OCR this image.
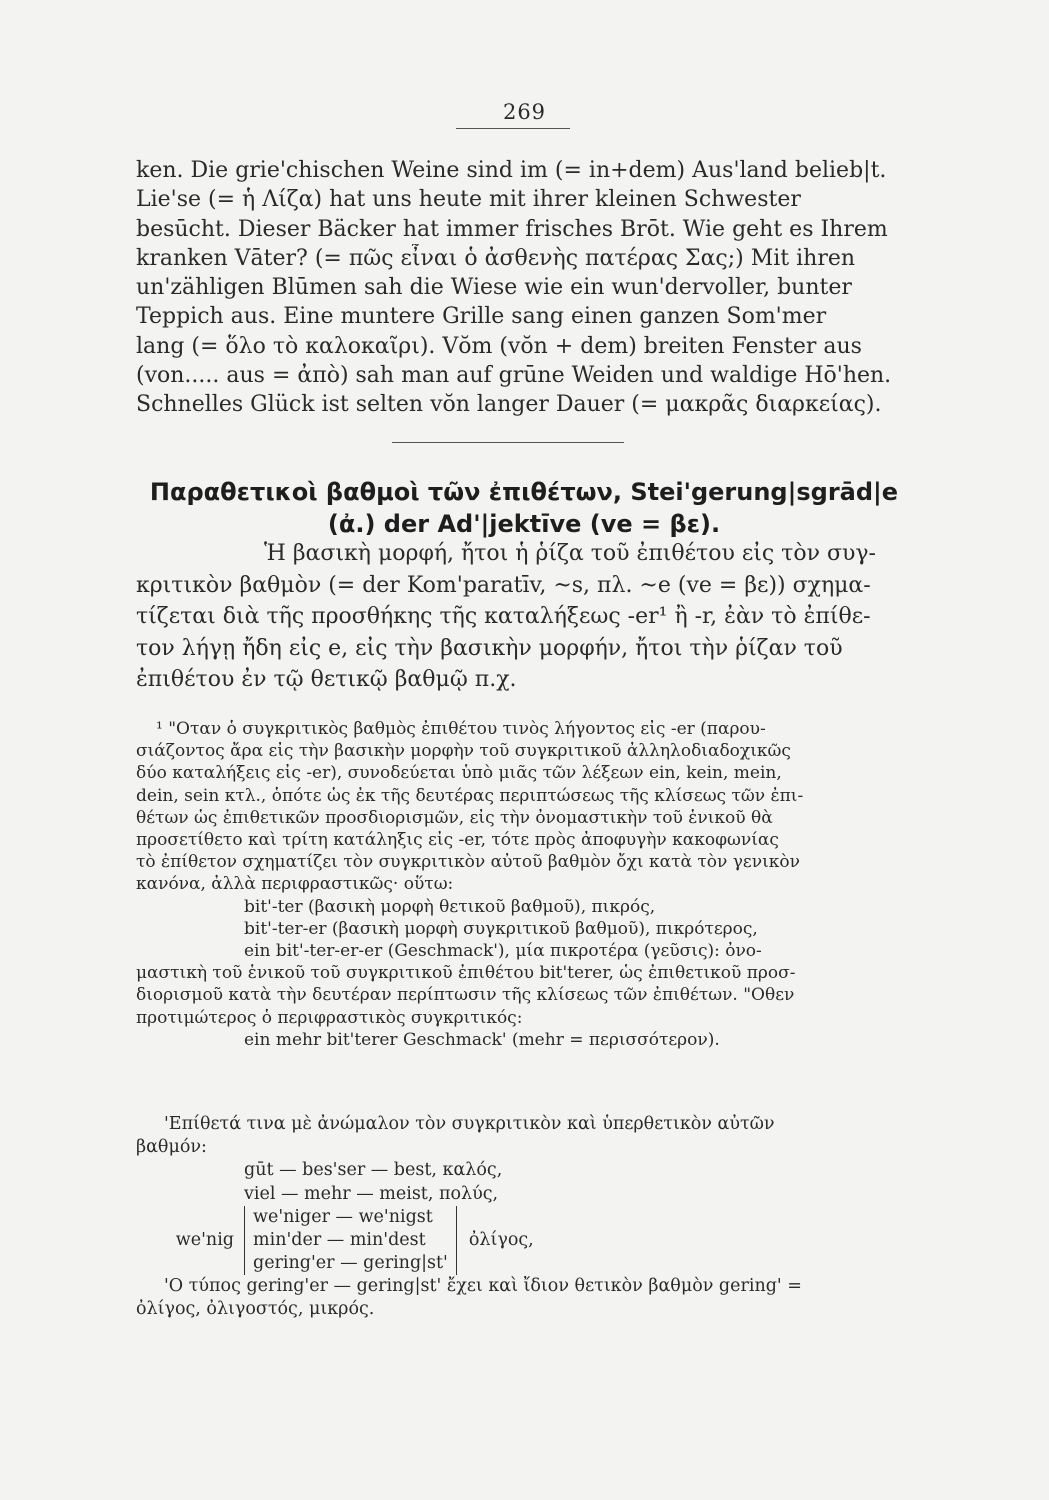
269
ken. Die grie'chischen Weine sind im (= in+dem) Aus'land belieb|t.
Lie'se (= ἡ Λίζα) hat uns heute mit ihrer kleinen Schwester
besūcht. Dieser Bäcker hat immer frisches Brōt. Wie geht es Ihrem
kranken Vāter? (= πῶς εἶναι ὁ ἀσθενὴς πατέρας Σας;) Mit ihren
un'zähligen Blūmen sah die Wiese wie ein wun'dervoller, bunter
Teppich aus. Eine muntere Grille sang einen ganzen Som'mer
lang (= ὅλο τὸ καλοκαῖρι). Vŏm (vŏn + dem) breiten Fenster aus
(von..... aus = ἀπὸ) sah man auf grūne Weiden und waldige Hō'hen.
Schnelles Glück ist selten vŏn langer Dauer (= μακρᾶς διαρκείας).
Παραθετικοὶ βαθμοὶ τῶν ἐπιθέτων, Stei'gerung|sgrād|e
(ἀ.) der Ad'|jektīve (ve = βε).
Ἡ βασικὴ μορφή, ἤτοι ἡ ῥίζα τοῦ ἐπιθέτου εἰς τὸν συγ-
κριτικὸν βαθμὸν (= der Kom'paratīv, ~s, πλ. ~e (ve = βε)) σχημα-
τίζεται διὰ τῆς προσθήκης τῆς καταλήξεως -er¹ ἢ -r, ἐὰν τὸ ἐπίθε-
τον λήγῃ ἤδη εἰς e, εἰς τὴν βασικὴν μορφήν, ἤτοι τὴν ῥίζαν τοῦ
ἐπιθέτου ἐν τῷ θετικῷ βαθμῷ π.χ.
¹ "Οταν ὁ συγκριτικὸς βαθμὸς ἐπιθέτου τινὸς λήγοντος εἰς -er (παρου-
σιάζοντος ἄρα εἰς τὴν βασικὴν μορφὴν τοῦ συγκριτικοῦ ἀλληλοδιαδοχικῶς
δύο καταλήξεις εἰς -er), συνοδεύεται ὑπὸ μιᾶς τῶν λέξεων ein, kein, mein,
dein, sein κτλ., ὁπότε ὡς ἐκ τῆς δευτέρας περιπτώσεως τῆς κλίσεως τῶν ἐπι-
θέτων ὡς ἐπιθετικῶν προσδιορισμῶν, εἰς τὴν ὀνομαστικὴν τοῦ ἑνικοῦ θὰ
προσετίθετο καὶ τρίτη κατάληξις εἰς -er, τότε πρὸς ἀποφυγὴν κακοφωνίας
τὸ ἐπίθετον σχηματίζει τὸν συγκριτικὸν αὐτοῦ βαθμὸν ὄχι κατὰ τὸν γενικὸν
κανόνα, ἀλλὰ περιφραστικῶς· οὕτω:
bit'-ter (βασικὴ μορφὴ θετικοῦ βαθμοῦ), πικρός,
bit'-ter-er (βασικὴ μορφὴ συγκριτικοῦ βαθμοῦ), πικρότερος,
ein bit'-ter-er-er (Geschmack'), μία πικροτέρα (γεῦσις): ὀνο-
μαστικὴ τοῦ ἑνικοῦ τοῦ συγκριτικοῦ ἐπιθέτου bit'terer, ὡς ἐπιθετικοῦ προσ-
διορισμοῦ κατὰ τὴν δευτέραν περίπτωσιν τῆς κλίσεως τῶν ἐπιθέτων. "Οθεν
προτιμώτερος ὁ περιφραστικὸς συγκριτικός:
ein mehr bit'terer Geschmack' (mehr = περισσότερον).
'Επίθετά τινα μὲ ἀνώμαλον τὸν συγκριτικὸν καὶ ὑπερθετικὸν αὐτῶν
βαθμόν:
gūt — bes'ser — best, καλός,
viel — mehr — meist, πολύς,
we'nig
we'niger — we'nigst
min'der — min'dest
gering'er — gering|st'
ὀλίγος,
'Ο τύπος gering'er — gering|st' ἔχει καὶ ἴδιον θετικὸν βαθμὸν gering' =
ὀλίγος, ὀλιγοστός, μικρός.
